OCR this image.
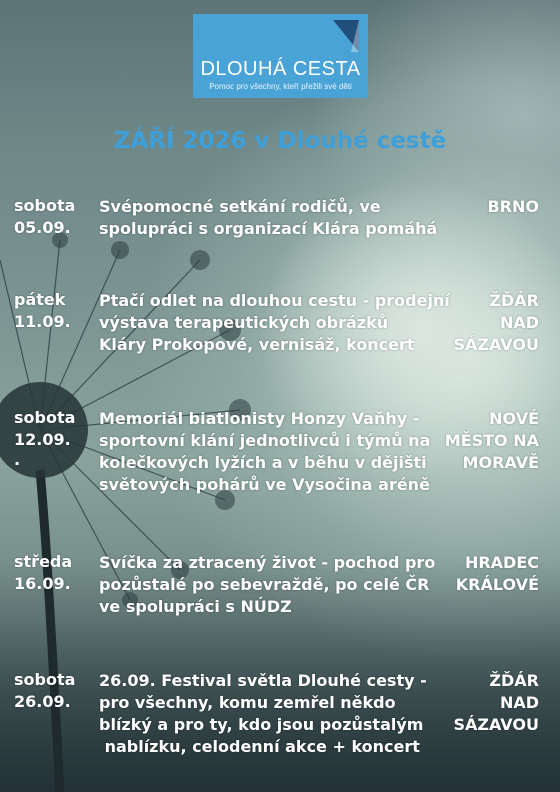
DLOUHÁ CESTA
Pomoc pro všechny, kteří přežili své děti
ZÁŘÍ 2026 v Dlouhé cestě
sobota
05.09.
Svépomocné setkání rodičů, ve
spolupráci s organizací Klára pomáhá
BRNO
pátek
11.09.
Ptačí odlet na dlouhou cestu - prodejní
výstava terapeutických obrázků
Kláry Prokopové, vernisáž, koncert
ŽĎÁR
NAD
SÁZAVOU
sobota
12.09.
.
Memoriál biatlonisty Honzy Vaňhy -
sportovní klání jednotlivců i týmů na
kolečkových lyžích a v běhu v dějišti
světových pohárů ve Vysočina aréně
NOVÉ
MĚSTO NA
MORAVĚ
středa
16.09.
Svíčka za ztracený život - pochod pro
pozůstalé po sebevraždě, po celé ČR
ve spolupráci s NÚDZ
HRADEC
KRÁLOVÉ
sobota
26.09.
26.09. Festival světla Dlouhé cesty -
pro všechny, komu zemřel někdo
blízký a pro ty, kdo jsou pozůstalým
nablízku, celodenní akce + koncert
ŽĎÁR
NAD
SÁZAVOU
